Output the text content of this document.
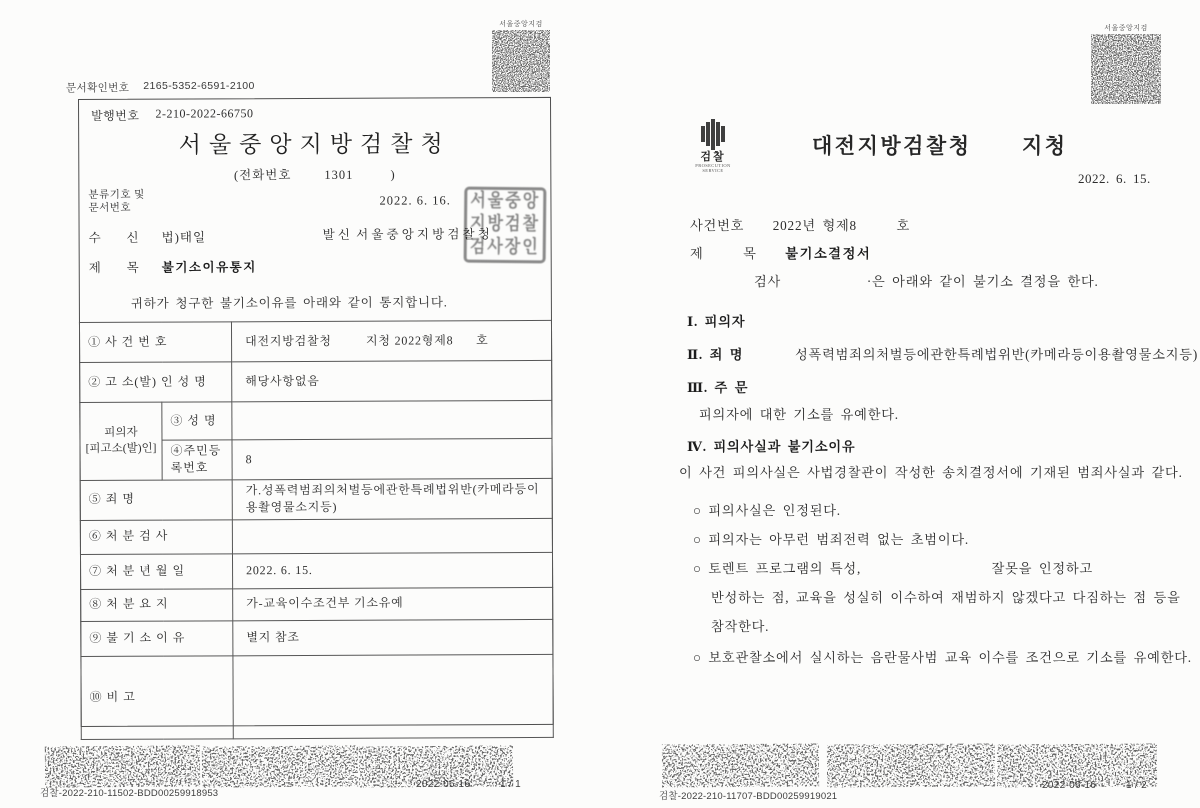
문서확인번호 2165-5352-6591-2100
서울중앙지검
발행번호 2-210-2022-66750
서울중앙지방검찰청
(전화번호        1301         )
분류기호 및
문서번호
2022. 6. 16.
수      신 법)태일	발 신  서 울 중 앙 지 방 검 찰 청
제      목 불기소이유통지
귀하가 청구한 불기소이유를 아래와 같이 통지합니다.
① 사 건 번 호		대전지방검찰청         지청 2022형제8      호
② 고 소(발) 인 성 명		해당사항없음

피의자
[피고소(발)인]	③ 성 명	
	④주민등록번호	8
⑤ 죄 명		가.성폭력범죄의처벌등에관한특례법위반(카메라등이용촬영물소지등)
⑥ 처 분 검 사		
⑦ 처 분 년 월 일		2022. 6. 15.
⑧ 처 분 요 지		가-교육이수조건부 기소유예
⑨ 불 기 소 이 유		별지 참조
⑩ 비 고		
서울중앙
지방검찰
검사장인
검찰-2022-210-11502-BDD00259918953
2022-06-16	1 / 1
서울중앙지검
검찰
PROSECUTION SERVICE
대전지방검찰청 지청
2022. 6. 15.
사건번호 2022년 형제8      호
제      목 불기소결정서
검사             ·은 아래와 같이 불기소 결정을 한다.
Ⅰ. 피의자
Ⅱ. 죄 명	성폭력범죄의처벌등에관한특례법위반(카메라등이용촬영물소지등)
Ⅲ. 주 문
피의자에 대한 기소를 유예한다.
Ⅳ. 피의사실과 불기소이유
이 사건 피의사실은 사법경찰관이 작성한 송치결정서에 기재된 범죄사실과 같다.
○ 피의사실은 인정된다.
○ 피의자는 아무런 범죄전력 없는 초범이다.
○ 토렌트 프로그램의 특성,	잘못을 인정하고
반성하는 점, 교육을 성실히 이수하여 재범하지 않겠다고 다짐하는 점 등을
참작한다.
○ 보호관찰소에서 실시하는 음란물사범 교육 이수를 조건으로 기소를 유예한다.
검찰-2022-210-11707-BDD00259919021
2022-06-16	1 / 2
